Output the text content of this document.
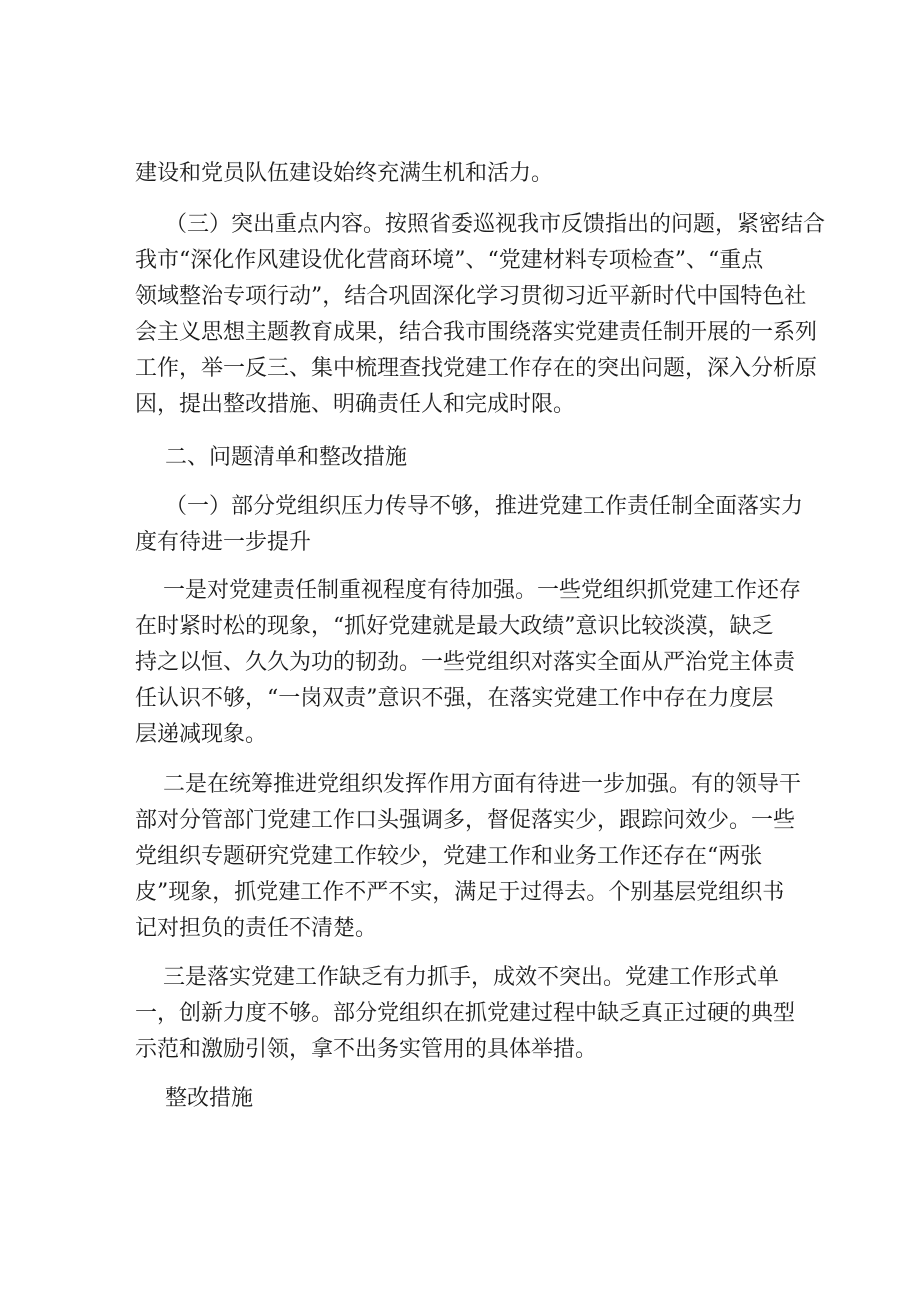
建设和党员队伍建设始终充满生机和活力。

（三）突出重点内容。按照省委巡视我市反馈指出的问题，紧密结合
我市“深化作风建设优化营商环境”、“党建材料专项检查”、“重点
领域整治专项行动”，结合巩固深化学习贯彻习近平新时代中国特色社
会主义思想主题教育成果，结合我市围绕落实党建责任制开展的一系列
工作，举一反三、集中梳理查找党建工作存在的突出问题，深入分析原
因，提出整改措施、明确责任人和完成时限。

二、问题清单和整改措施

（一）部分党组织压力传导不够，推进党建工作责任制全面落实力
度有待进一步提升

一是对党建责任制重视程度有待加强。一些党组织抓党建工作还存
在时紧时松的现象，“抓好党建就是最大政绩”意识比较淡漠，缺乏
持之以恒、久久为功的韧劲。一些党组织对落实全面从严治党主体责
任认识不够，“一岗双责”意识不强，在落实党建工作中存在力度层
层递减现象。

二是在统筹推进党组织发挥作用方面有待进一步加强。有的领导干
部对分管部门党建工作口头强调多，督促落实少，跟踪问效少。一些
党组织专题研究党建工作较少，党建工作和业务工作还存在“两张
皮”现象，抓党建工作不严不实，满足于过得去。个别基层党组织书
记对担负的责任不清楚。

三是落实党建工作缺乏有力抓手，成效不突出。党建工作形式单
一，创新力度不够。部分党组织在抓党建过程中缺乏真正过硬的典型
示范和激励引领，拿不出务实管用的具体举措。

整改措施
